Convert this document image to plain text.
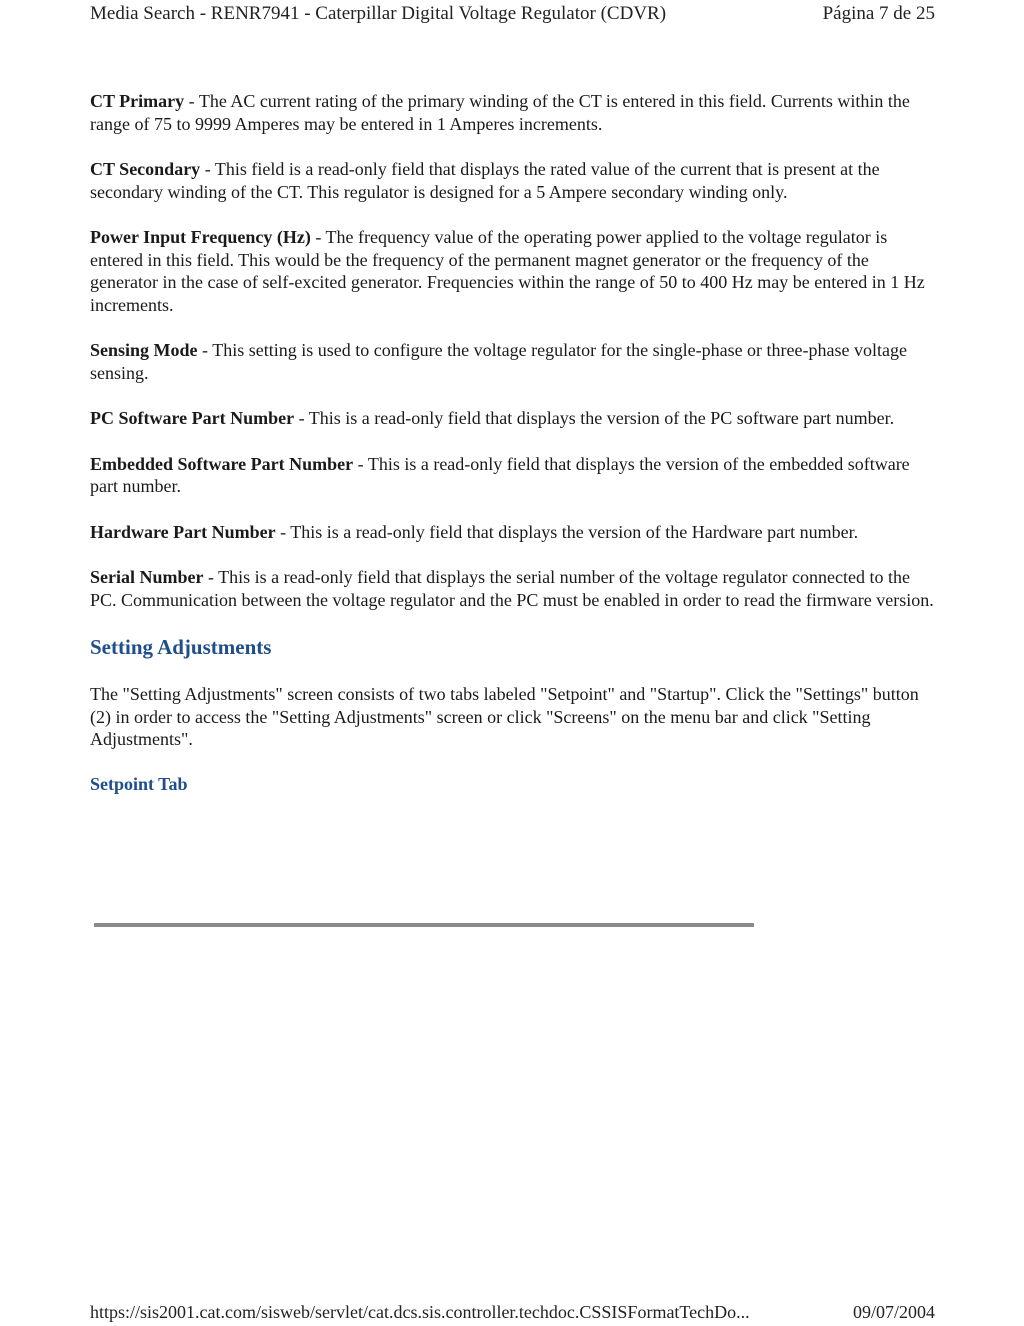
Media Search - RENR7941 - Caterpillar Digital Voltage Regulator (CDVR)	Página 7 de 25

CT Primary - The AC current rating of the primary winding of the CT is entered in this field. Currents within the range of 75 to 9999 Amperes may be entered in 1 Amperes increments.

CT Secondary - This field is a read-only field that displays the rated value of the current that is present at the secondary winding of the CT. This regulator is designed for a 5 Ampere secondary winding only.

Power Input Frequency (Hz) - The frequency value of the operating power applied to the voltage regulator is entered in this field. This would be the frequency of the permanent magnet generator or the frequency of the generator in the case of self-excited generator. Frequencies within the range of 50 to 400 Hz may be entered in 1 Hz increments.

Sensing Mode - This setting is used to configure the voltage regulator for the single-phase or three-phase voltage sensing.

PC Software Part Number - This is a read-only field that displays the version of the PC software part number.

Embedded Software Part Number - This is a read-only field that displays the version of the embedded software part number.

Hardware Part Number - This is a read-only field that displays the version of the Hardware part number.

Serial Number - This is a read-only field that displays the serial number of the voltage regulator connected to the PC. Communication between the voltage regulator and the PC must be enabled in order to read the firmware version.

Setting Adjustments

The "Setting Adjustments" screen consists of two tabs labeled "Setpoint" and "Startup". Click the "Settings" button (2) in order to access the "Setting Adjustments" screen or click "Screens" on the menu bar and click "Setting Adjustments".

Setpoint Tab
https://sis2001.cat.com/sisweb/servlet/cat.dcs.sis.controller.techdoc.CSSISFormatTechDo...	09/07/2004
